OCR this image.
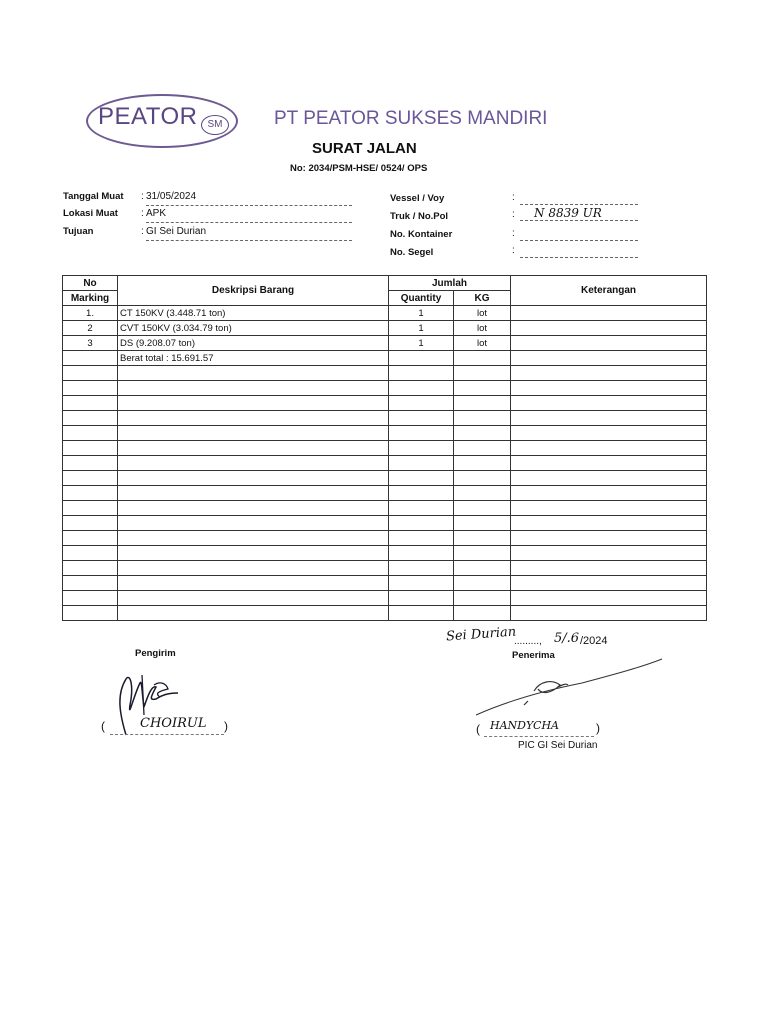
PEATOR	SM	PT PEATOR SUKSES MANDIRI
SURAT JALAN
No: 2034/PSM-HSE/ 0524/ OPS
Tanggal Muat : 31/05/2024
Lokasi Muat : APK
Tujuan	: GI Sei Durian
Vessel / Voy	:
Truk / No.Pol	:	N 8839 UR
No. Kontainer	:
No. Segel	:
No	Deskripsi Barang	Jumlah		Keterangan
Marking		Quantity	KG	
1.	CT 150KV (3.448.71 ton)	1	lot	
2	CVT 150KV (3.034.79 ton)	1	lot	
3	DS (9.208.07 ton)	1	lot	
	Berat total : 15.691.57			

Sei Durian
........., 5/.6 /2024
Pengirim
(	CHOIRUL )
Penerima
( HANDYCHA	)
PIC GI Sei Durian
